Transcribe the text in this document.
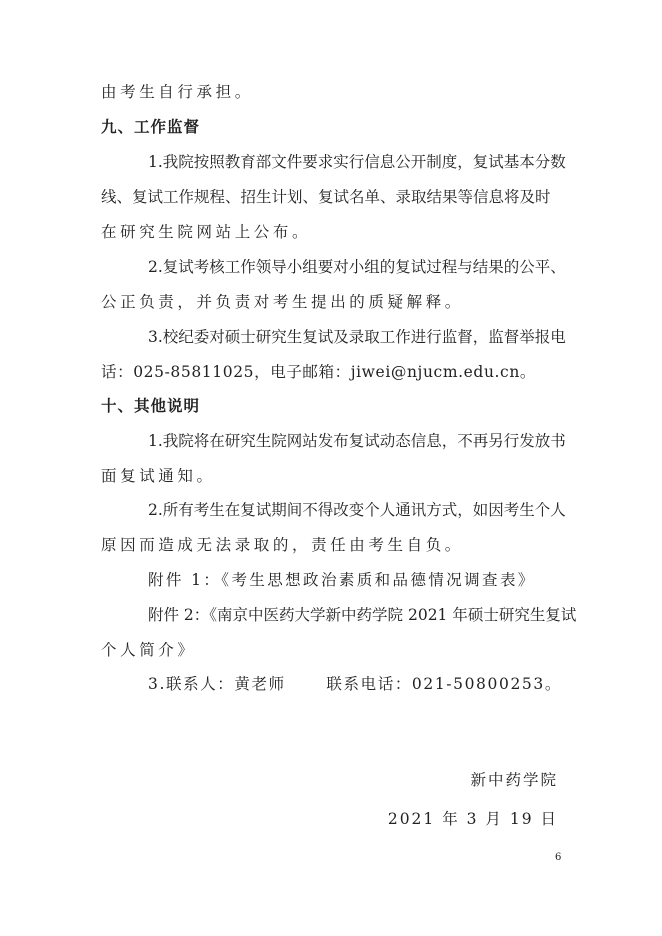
由考生自行承担。
九、工作监督
1.我院按照教育部文件要求实行信息公开制度，复试基本分数
线、复试工作规程、招生计划、复试名单、录取结果等信息将及时
在研究生院网站上公布。
2.复试考核工作领导小组要对小组的复试过程与结果的公平、
公正负责，并负责对考生提出的质疑解释。
3.校纪委对硕士研究生复试及录取工作进行监督，监督举报电
话：025-85811025，电子邮箱：jiwei@njucm.edu.cn。
十、其他说明
1.我院将在研究生院网站发布复试动态信息，不再另行发放书
面复试通知。
2.所有考生在复试期间不得改变个人通讯方式，如因考生个人
原因而造成无法录取的，责任由考生自负。
附件 1：《考生思想政治素质和品德情况调查表》
附件 2：《南京中医药大学新中药学院 2021 年硕士研究生复试
个人简介》
3.联系人：黄老师　　 联系电话：021-50800253。
新中药学院
2021 年 3 月 19 日
6
